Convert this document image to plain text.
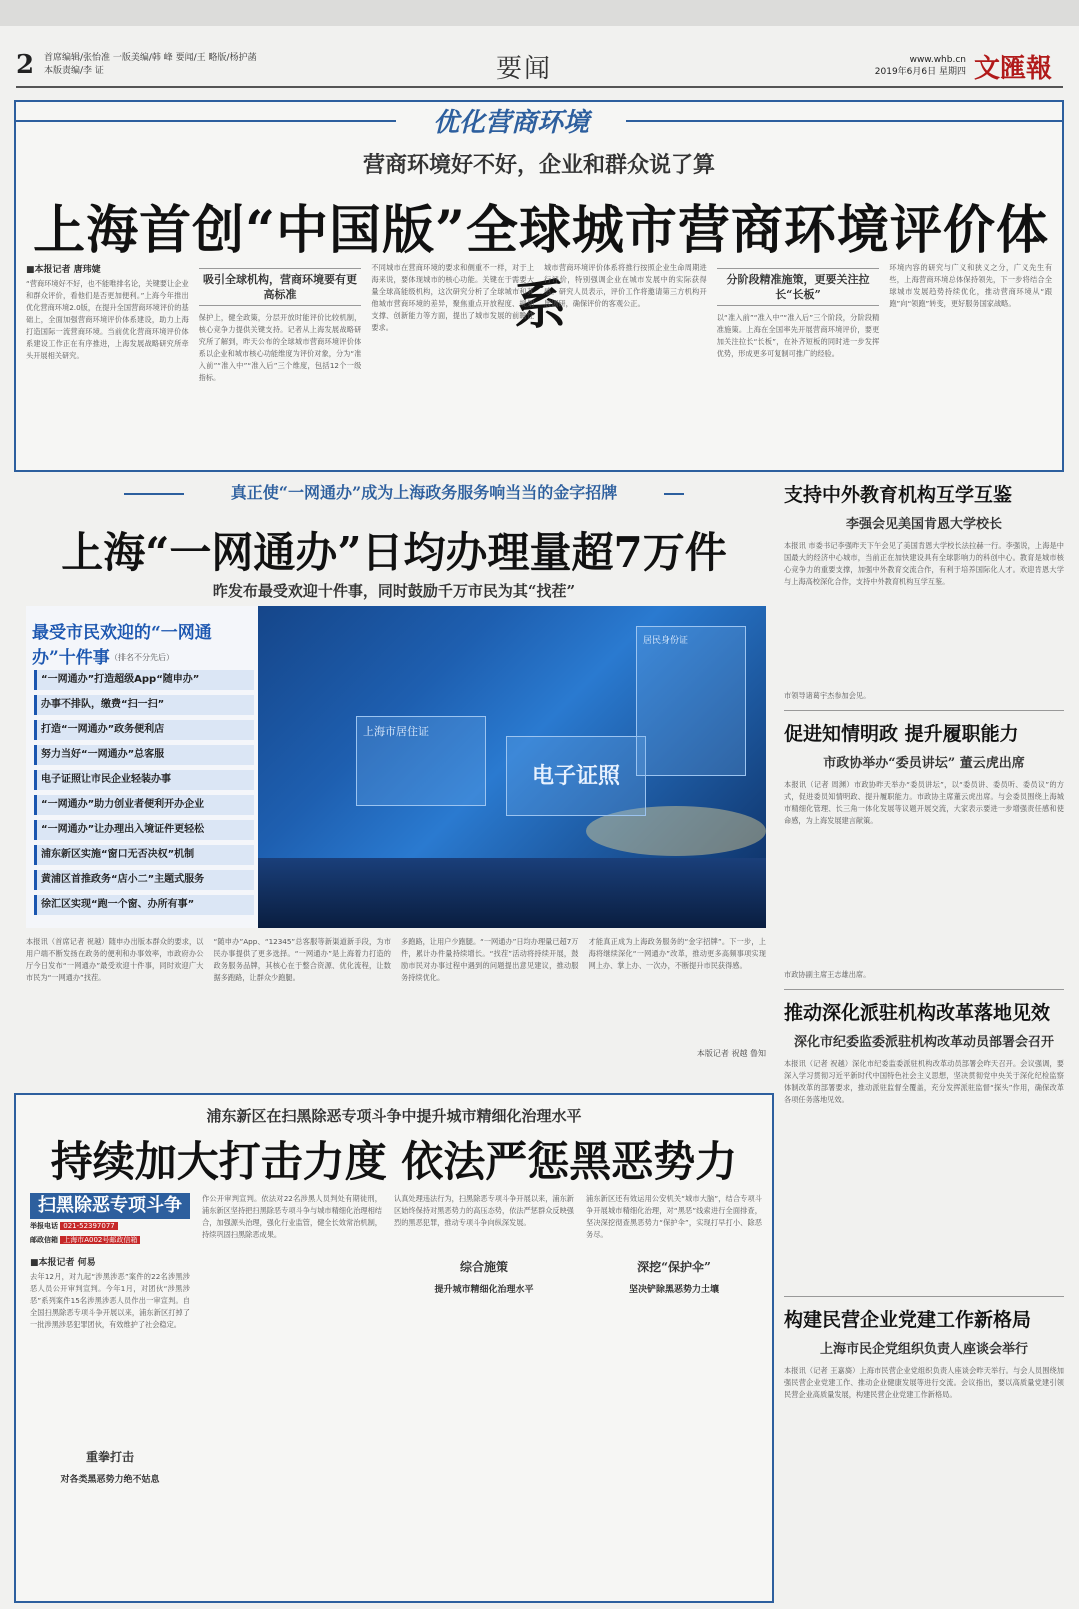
2 首席编辑/张怡准 一版美编/韩 峰 要闻/王 略版/杨护菡
本版责编/李 证	要闻	www.whb.cn
2019年6月6日 星期四 文匯報
优化营商环境
营商环境好不好，企业和群众说了算
上海首创“中国版”全球城市营商环境评价体系
■本报记者 唐玮婕
“营商环境好不好，也不能唯排名论，关键要让企业和群众评价，看他们是否更加便利。”上海今年推出优化营商环境2.0版，在提升全国营商环境评价的基础上，全面加强营商环境评价体系建设，助力上海打造国际一流营商环境。当前优化营商环境评价体系建设工作正在有序推进，上海发展战略研究所牵头开展相关研究。
吸引全球机构，营商环境要有更高标准
保护上，健全政策，分层开放时能评价比较机制，核心竞争力提供关键支持。记者从上海发展战略研究所了解到，昨天公布的全球城市营商环境评价体系以企业和城市核心功能维度为评价对象，分为“准入前”“准入中”“准入后”三个维度，包括12个一级指标。
不同城市在营商环境的要求和侧重不一样，对于上海来说，要体现城市的核心功能。关键在于需要大量全球高能级机构，这次研究分析了全球城市和其他城市营商环境的差异，聚焦重点开放程度、规划支撑、创新能力等方面，提出了城市发展的前瞻性要求。
城市营商环境评价体系将推行按照企业生命周期进行评价，特别强调企业在城市发展中的实际获得感。研究人员表示，评价工作将邀请第三方机构开展调研，确保评价的客观公正。
分阶段精准施策，更要关注拉长“长板”
以“准入前”“准入中”“准入后”三个阶段，分阶段精准施策。上海在全国率先开展营商环境评价，要更加关注拉长“长板”，在补齐短板的同时进一步发挥优势，形成更多可复制可推广的经验。
环境内容的研究与广义和狭义之分，广义先生有些，上海营商环境总体保持领先，下一步将结合全球城市发展趋势持续优化，推动营商环境从“跟跑”向“领跑”转变，更好服务国家战略。
真正使“一网通办”成为上海政务服务响当当的金字招牌
上海“一网通办”日均办理量超7万件
昨发布最受欢迎十件事，同时鼓励千万市民为其“找茬”
上海市居住证
电子证照
居民身份证
最受市民欢迎的“一网通办”十件事 （排名不分先后）
“一网通办”打造超级App“随申办”
办事不排队，缴费“扫一扫”
打造“一网通办”政务便利店
努力当好“一网通办”总客服
电子证照让市民企业轻装办事
“一网通办”助力创业者便利开办企业
“一网通办”让办理出入境证件更轻松
浦东新区实施“窗口无否决权”机制
黄浦区首推政务“店小二”主题式服务
徐汇区实现“跑一个窗、办所有事”
本报讯（首席记者 祝越）随申办出版本群众的要求，以用户端不断发扬在政务的便利和办事效率，市政府办公厅今日发布“一网通办”最受欢迎十件事，同时欢迎广大市民为“一网通办”找茬。
“随申办”App、“12345”总客服等新渠道新手段，为市民办事提供了更多选择。“一网通办”是上海着力打造的政务服务品牌，其核心在于整合资源、优化流程，让数据多跑路，让群众少跑腿。
多跑路，让用户少跑腿。“一网通办”日均办理量已超7万件，累计办件量持续增长。“找茬”活动将持续开展，鼓励市民对办事过程中遇到的问题提出意见建议，推动服务持续优化。
才能真正成为上海政务服务的“金字招牌”。下一步，上海将继续深化“一网通办”改革，推动更多高频事项实现网上办、掌上办、一次办，不断提升市民获得感。
本版记者 祝越 鲁知
浦东新区在扫黑除恶专项斗争中提升城市精细化治理水平
持续加大打击力度 依法严惩黑恶势力
扫黑除恶专项斗争
举报电话 021-52397077
邮政信箱 上海市A002号邮政信箱
■本报记者 何易
去年12月，对九起“涉黑涉恶”案件的22名涉黑涉恶人员公开审判宣判。今年1月，对团伙“涉黑涉恶”系列案件15名涉黑涉恶人员作出一审宣判。自全国扫黑除恶专项斗争开展以来，浦东新区打掉了一批涉黑涉恶犯罪团伙，有效维护了社会稳定。
重拳打击
对各类黑恶势力绝不姑息
作公开审判宣判。依法对22名涉黑人员判处有期徒刑，浦东新区坚持把扫黑除恶专项斗争与城市精细化治理相结合，加强源头治理，强化行业监管，健全长效常治机制，持续巩固扫黑除恶成果。
认真处理违法行为，扫黑除恶专项斗争开展以来，浦东新区始终保持对黑恶势力的高压态势，依法严惩群众反映强烈的黑恶犯罪，推动专项斗争向纵深发展。
综合施策
提升城市精细化治理水平
浦东新区还有效运用公安机关“城市大脑”，结合专项斗争开展城市精细化治理，对“黑恶”线索进行全面排查，坚决深挖彻查黑恶势力“保护伞”，实现打早打小、除恶务尽。
深挖“保护伞”
坚决铲除黑恶势力土壤
支持中外教育机构互学互鉴
李强会见美国肯恩大学校长
本报讯 市委书记李强昨天下午会见了美国肯恩大学校长法拉赫一行。李强说，上海是中国最大的经济中心城市，当前正在加快建设具有全球影响力的科创中心。教育是城市核心竞争力的重要支撑，加强中外教育交流合作，有利于培养国际化人才。欢迎肯恩大学与上海高校深化合作，支持中外教育机构互学互鉴。
市领导诸葛宇杰参加会见。
促进知情明政 提升履职能力
市政协举办“委员讲坛” 董云虎出席
本报讯（记者 周渊）市政协昨天举办“委员讲坛”，以“委员讲、委员听、委员议”的方式，促进委员知情明政、提升履职能力。市政协主席董云虎出席。与会委员围绕上海城市精细化管理、长三角一体化发展等议题开展交流，大家表示要进一步增强责任感和使命感，为上海发展建言献策。
市政协副主席王志雄出席。
推动深化派驻机构改革落地见效
深化市纪委监委派驻机构改革动员部署会召开
本报讯（记者 祝越）深化市纪委监委派驻机构改革动员部署会昨天召开。会议强调，要深入学习贯彻习近平新时代中国特色社会主义思想，坚决贯彻党中央关于深化纪检监察体制改革的部署要求，推动派驻监督全覆盖，充分发挥派驻监督“探头”作用，确保改革各项任务落地见效。
构建民营企业党建工作新格局
上海市民企党组织负责人座谈会举行
本报讯（记者 王嘉旖）上海市民营企业党组织负责人座谈会昨天举行。与会人员围绕加强民营企业党建工作、推动企业健康发展等进行交流。会议指出，要以高质量党建引领民营企业高质量发展，构建民营企业党建工作新格局。
